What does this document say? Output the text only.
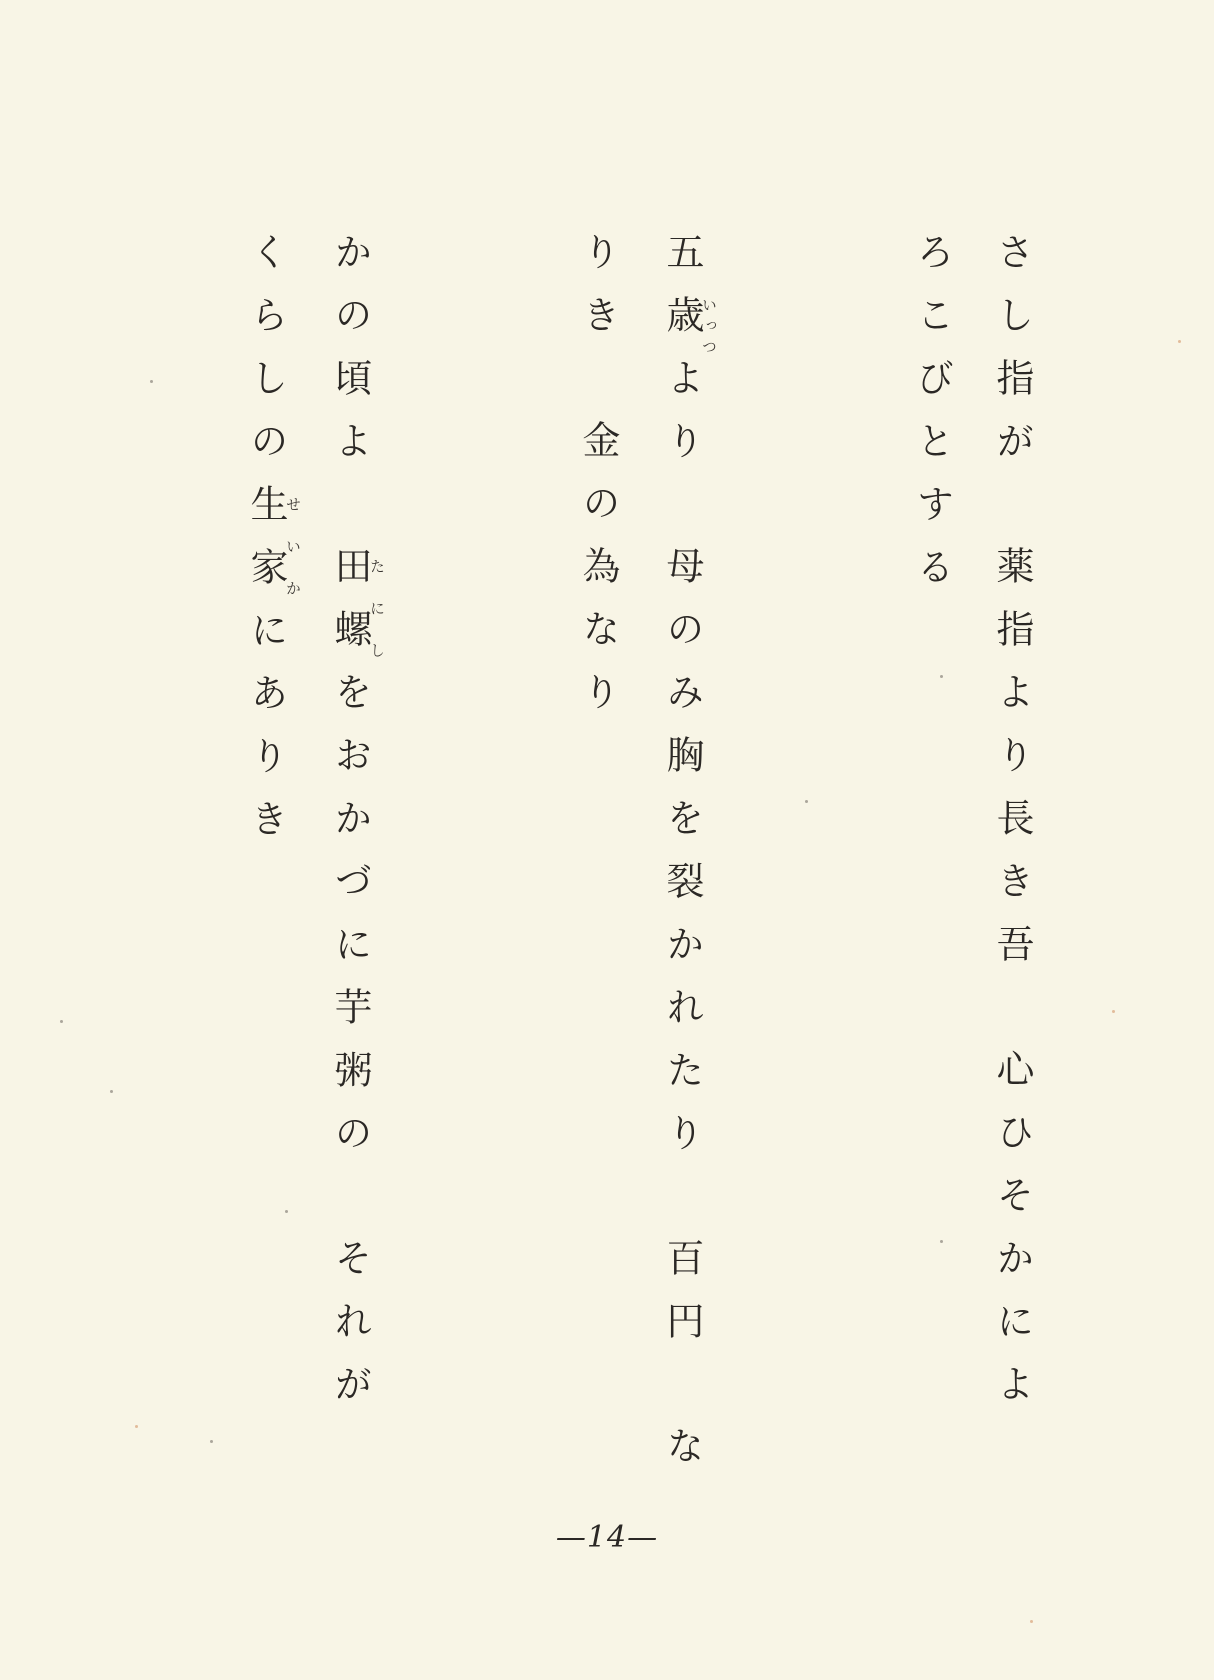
さし指が薬指より長き吾心ひそかによ
ろこびとする
五歳いっつより母のみ胸を裂かれたり百円な
りき金の為なり
かの頃よ田螺たにしをおかづに芋粥のそれが
くらしの生家せいかにありき
—14—
